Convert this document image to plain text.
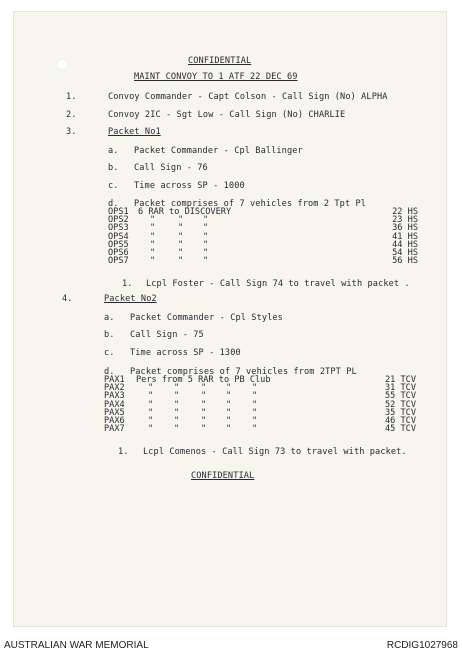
CONFIDENTIAL
MAINT CONVOY TO 1 ATF 22 DEC 69
1.	Convoy Commander - Capt Colson - Call Sign (No) ALPHA
2.	Convoy 2IC - Sgt Low - Call Sign (No) CHARLIE
3.	Packet No1
a. Packet Commander - Cpl Ballinger
b. Call Sign - 76
c. Time across SP - 1000
d. Packet comprises of 7 vehicles from 2 Tpt Pl
OPS1 6 RAR to DISCOVERY	22 HS
OPS2 "	" "	23 HS
OPS3 "	" "	36 HS
OPS4 "	" "	41 HS
OPS5 "	" "	44 HS
OPS6 "	" "	54 HS
OPS7 "	" "	56 HS
1. Lcpl Foster - Call Sign 74 to travel with packet .
4.	Packet No2
a. Packet Commander - Cpl Styles
b. Call Sign - 75
c. Time across SP - 1300
d. Packet comprises of 7 vehicles from 2TPT PL
PAX1 Pers from 5 RAR to PB Club	21 TCV
PAX2	" "	" " "	31 TCV
PAX3	" "	" " "	55 TCV
PAX4	" "	" " "	52 TCV
PAX5	" "	" " "	35 TCV
PAX6	" "	" " "	46 TCV
PAX7	" "	" " "	45 TCV
1. Lcpl Comenos - Call Sign 73 to travel with packet.
CONFIDENTIAL
AUSTRALIAN WAR MEMORIAL	RCDIG1027968
